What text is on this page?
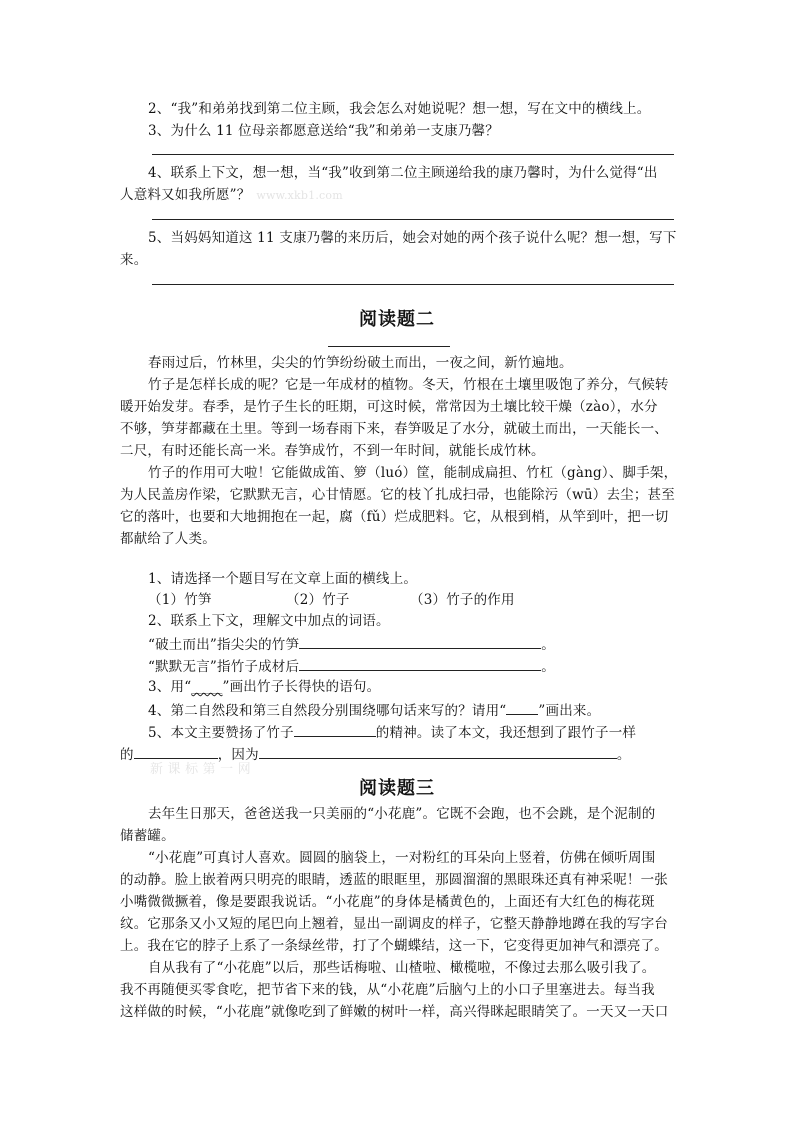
2、“我”和弟弟找到第二位主顾，我会怎么对她说呢？想一想，写在文中的横线上。
3、为什么 11 位母亲都愿意送给“我”和弟弟一支康乃馨？
4、联系上下文，想一想，当“我”收到第二位主顾递给我的康乃馨时，为什么觉得“出
人意料又如我所愿”？ www.xkb1.com
5、当妈妈知道这 11 支康乃馨的来历后，她会对她的两个孩子说什么呢？想一想，写下
来。
阅读题二
春雨过后，竹林里，尖尖的竹笋纷纷破土而出，一夜之间，新竹遍地。
竹子是怎样长成的呢？它是一年成材的植物。冬天，竹根在土壤里吸饱了养分，气候转
暖开始发芽。春季，是竹子生长的旺期，可这时候，常常因为土壤比较干燥（zào），水分
不够，笋芽都藏在土里。等到一场春雨下来，春笋吸足了水分，就破土而出，一天能长一、
二尺，有时还能长高一米。春笋成竹，不到一年时间，就能长成竹林。
竹子的作用可大啦！它能做成笛、箩（luó）筐，能制成扁担、竹杠（gàng）、脚手架，
为人民盖房作梁，它默默无言，心甘情愿。它的枝丫扎成扫帚，也能除污（wū）去尘；甚至
它的落叶，也要和大地拥抱在一起，腐（fǔ）烂成肥料。它，从根到梢，从竿到叶，把一切
都献给了人类。
1、请选择一个题目写在文章上面的横线上。
（1）竹笋	（2）竹子	（3）竹子的作用
2、联系上下文，理解文中加点的词语。
“破土而出”指尖尖的竹笋	。
“默默无言”指竹子成材后	。
3、用“______”画出竹子长得快的语句。
4、第二自然段和第三自然段分别围绕哪句话来写的？请用“ ”画出来。
5、本文主要赞扬了竹子	的精神。读了本文，我还想到了跟竹子一样
的	，因为	。
新 课 标 第 一 网
阅读题三
去年生日那天，爸爸送我一只美丽的“小花鹿”。它既不会跑，也不会跳，是个泥制的
储蓄罐。
“小花鹿”可真讨人喜欢。圆圆的脑袋上，一对粉红的耳朵向上竖着，仿佛在倾听周围
的动静。脸上嵌着两只明亮的眼睛，透蓝的眼眶里，那圆溜溜的黑眼珠还真有神采呢！一张
小嘴微微撅着，像是要跟我说话。“小花鹿”的身体是橘黄色的，上面还有大红色的梅花斑
纹。它那条又小又短的尾巴向上翘着，显出一副调皮的样子，它整天静静地蹲在我的写字台
上。我在它的脖子上系了一条绿丝带，打了个蝴蝶结，这一下，它变得更加神气和漂亮了。
自从我有了“小花鹿”以后，那些话梅啦、山楂啦、橄榄啦，不像过去那么吸引我了。
我不再随便买零食吃，把节省下来的钱，从“小花鹿”后脑勺上的小口子里塞进去。每当我
这样做的时候，“小花鹿”就像吃到了鲜嫩的树叶一样，高兴得眯起眼睛笑了。一天又一天口
